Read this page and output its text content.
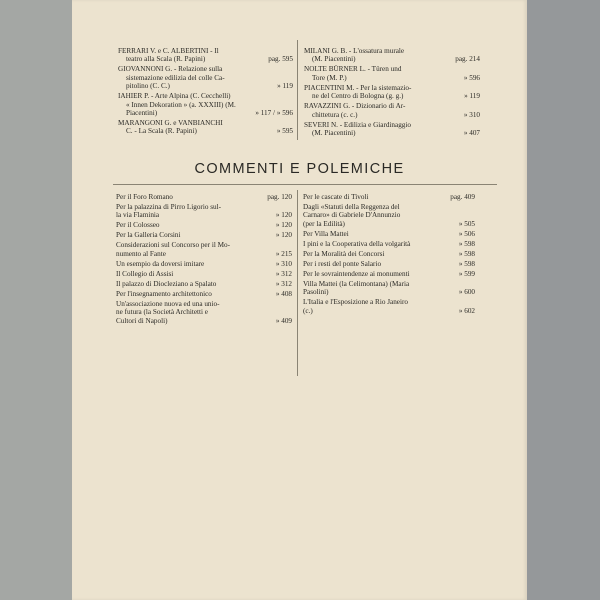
FERRARI V. e C. ALBERTINI - Il
teatro alla Scala (R. Papini)	pag. 595
GIOVANNONI G. - Relazione sulla
sistemazione edilizia del colle Ca-
pitolino (C. C.)	» 119
IAHIER P. - Arte Alpina (C. Cecchelli)
« Innen Dekoration » (a. XXXIII) (M.
Piacentini)	» 117 / » 596
MARANGONI G. e VANBIANCHI
C. - La Scala (R. Papini)	» 595
MILANI G. B. - L'ossatura murale
(M. Piacentini)	pag. 214
NOLTE BÜRNER L. - Türen und
Tore (M. P.)	» 596
PIACENTINI M. - Per la sistemazio-
ne del Centro di Bologna (g. g.)	» 119
RAVAZZINI G. - Dizionario di Ar-
chittetura (c. c.)	» 310
SEVERI N. - Edilizia e Giardinaggio
(M. Piacentini)	» 407
COMMENTI E POLEMICHE
Per il Foro Romano	pag. 120
Per la palazzina di Pirro Ligorio sul-
la via Flaminia	» 120
Per il Colosseo	» 120
Per la Galleria Corsini	» 120
Considerazioni sul Concorso per il Mo-
numento al Fante	» 215
Un esempio da doversi imitare	» 310
Il Collegio di Assisi	» 312
Il palazzo di Diocleziano a Spalato	» 312
Per l'insegnamento architettonico	» 408
Un'associazione nuova ed una unio-
ne futura (la Società Architetti e
Cultori di Napoli)	» 409
Per le cascate di Tivoli	pag. 409
Dagli «Statuti della Reggenza del
Carnaro» di Gabriele D'Annunzio
(per la Edilità)	» 505
Per Villa Mattei	» 506
I pini e la Cooperativa della volgarità	» 598
Per la Moralità dei Concorsi	» 598
Per i resti del ponte Salario	» 598
Per le sovraintendenze ai monumenti	» 599
Villa Mattei (la Celimontana) (Maria
Pasolini)	» 600
L'Italia e l'Esposizione a Rio Janeiro
(c.)	» 602
